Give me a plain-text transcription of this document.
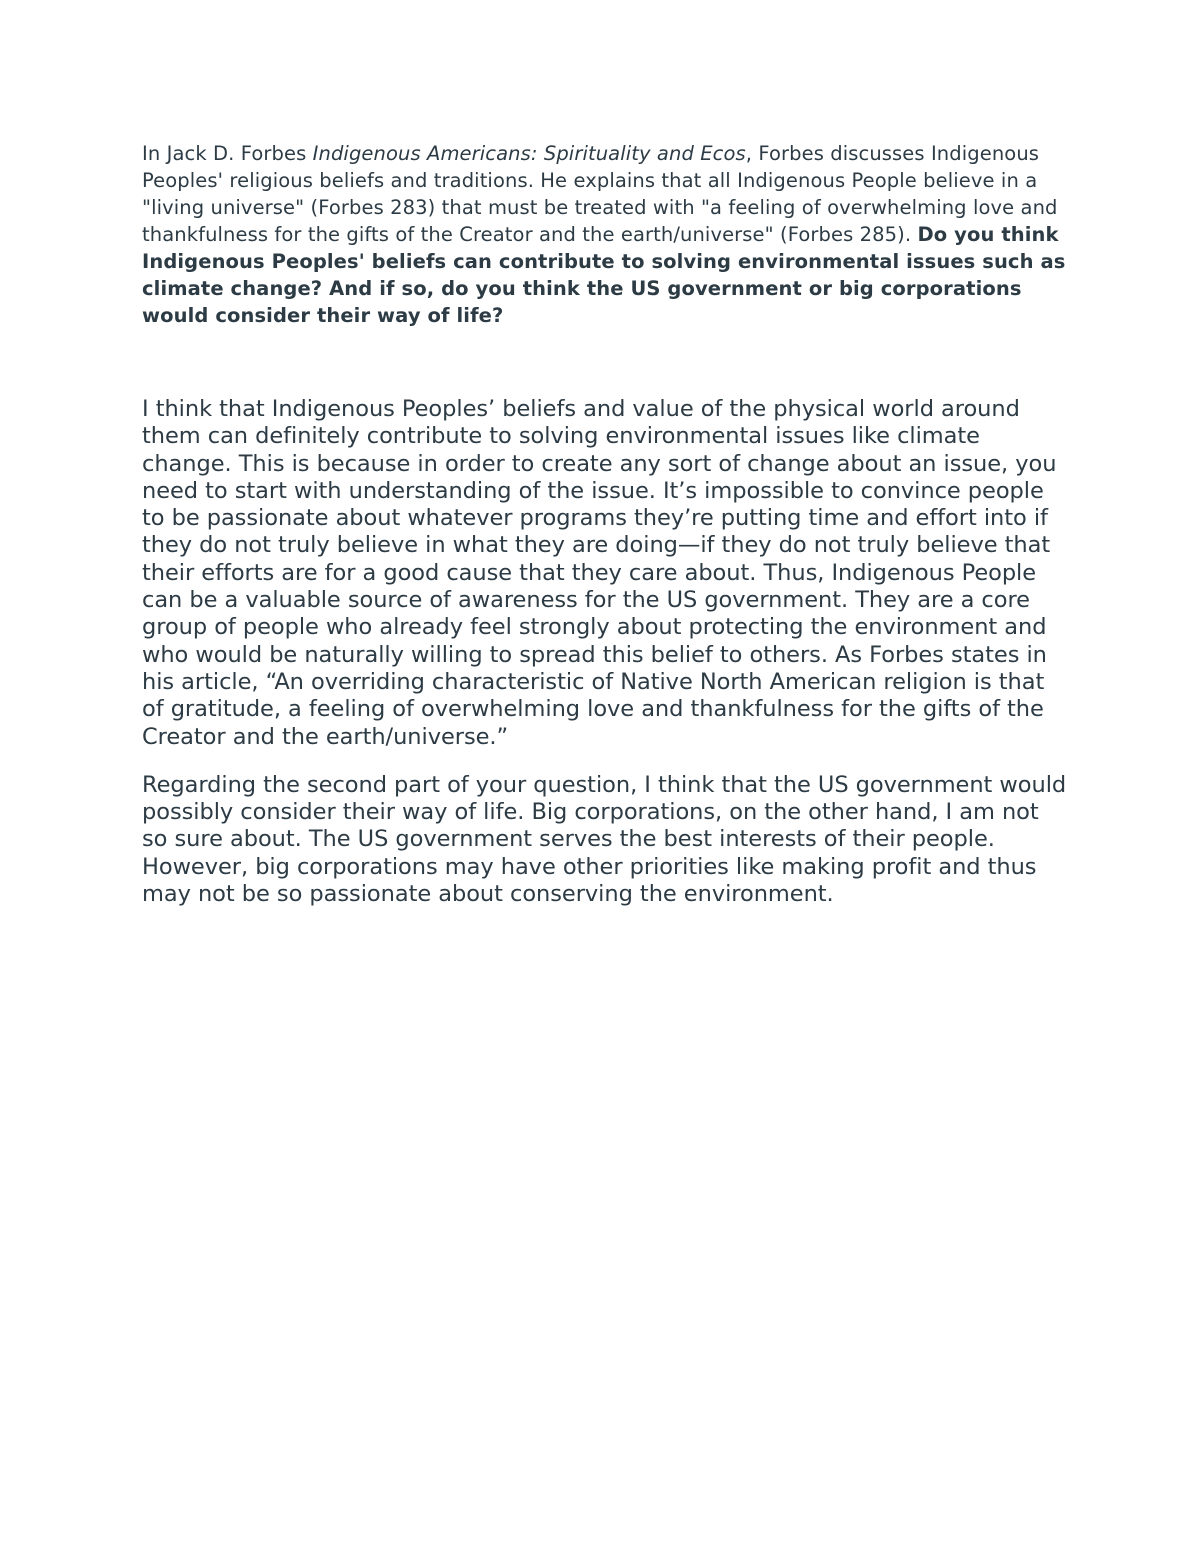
In Jack D. Forbes Indigenous Americans: Spirituality and Ecos, Forbes discusses Indigenous Peoples' religious beliefs and traditions. He explains that all Indigenous People believe in a "living universe" (Forbes 283) that must be treated with "a feeling of overwhelming love and thankfulness for the gifts of the Creator and the earth/universe" (Forbes 285). Do you think Indigenous Peoples' beliefs can contribute to solving environmental issues such as climate change? And if so, do you think the US government or big corporations would consider their way of life?

I think that Indigenous Peoples’ beliefs and value of the physical world around them can definitely contribute to solving environmental issues like climate change. This is because in order to create any sort of change about an issue, you need to start with understanding of the issue. It’s impossible to convince people to be passionate about whatever programs they’re putting time and effort into if they do not truly believe in what they are doing—if they do not truly believe that their efforts are for a good cause that they care about. Thus, Indigenous People can be a valuable source of awareness for the US government. They are a core group of people who already feel strongly about protecting the environment and who would be naturally willing to spread this belief to others. As Forbes states in his article, “An overriding characteristic of Native North American religion is that of gratitude, a feeling of overwhelming love and thankfulness for the gifts of the Creator and the earth/universe.”

Regarding the second part of your question, I think that the US government would possibly consider their way of life. Big corporations, on the other hand, I am not so sure about. The US government serves the best interests of their people. However, big corporations may have other priorities like making profit and thus may not be so passionate about conserving the environment.
